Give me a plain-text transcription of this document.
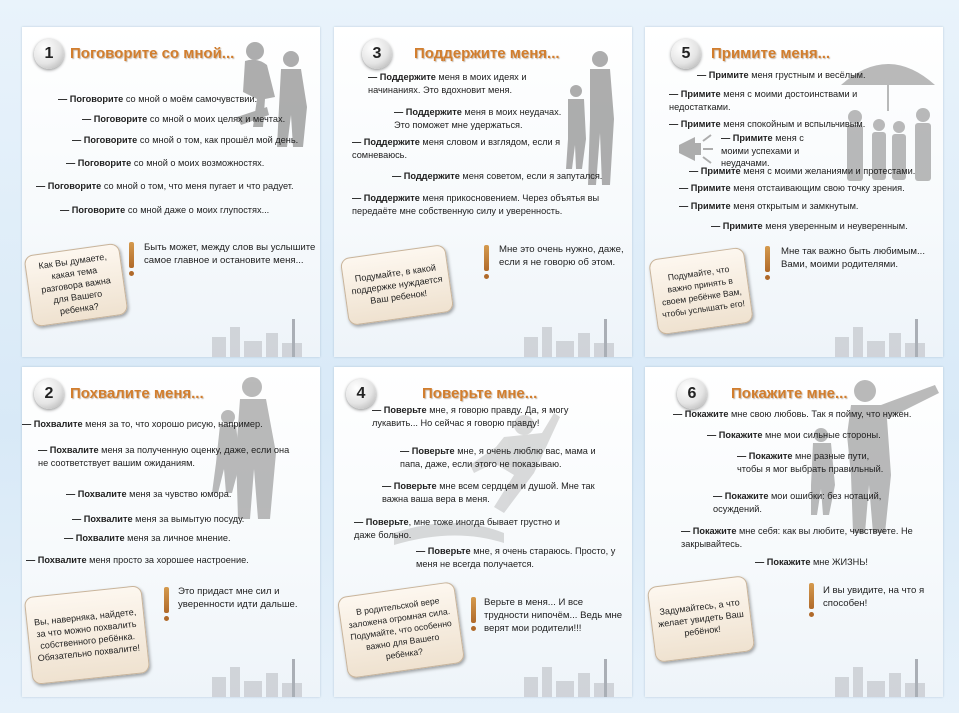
1	Поговорите со мной...
— Поговорите со мной о моём самочувствии.
— Поговорите со мной о моих целях и мечтах.
— Поговорите со мной о том, как прошёл мой день.
— Поговорите со мной о моих возможностях.
— Поговорите со мной о том, что меня пугает и что радует.
— Поговорите со мной даже о моих глупостях...
Как Вы думаете, какая тема разговора важна для Вашего ребенка?
Быть может, между слов вы услышите самое главное и остановите меня...
3	Поддержите меня...
— Поддержите меня в моих идеях и начинаниях. Это вдохновит меня.
— Поддержите меня в моих неудачах. Это поможет мне удержаться.
— Поддержите меня словом и взглядом, если я сомневаюсь.
— Поддержите меня советом, если я запутался.
— Поддержите меня прикосновением. Через объятья вы передаёте мне собственную силу и уверенность.
Подумайте, в какой поддержке нуждается Ваш ребенок!
Мне это очень нужно, даже, если я не говорю об этом.
5	Примите меня...
— Примите меня грустным и весёлым.
— Примите меня с моими достоинствами и недостатками.
— Примите меня спокойным и вспыльчивым.
— Примите меня с моими успехами и неудачами.
— Примите меня с моими желаниями и протестами.
— Примите меня отстаивающим свою точку зрения.
— Примите меня открытым и замкнутым.
— Примите меня уверенным и неуверенным.
Подумайте, что важно принять в своем ребёнке Вам, чтобы услышать его!
Мне так важно быть любимым... Вами, моими родителями.
2	Похвалите меня...
— Похвалите меня за то, что хорошо рисую, например.
— Похвалите меня за полученную оценку, даже, если она не соответствует вашим ожиданиям.
— Похвалите меня за чувство юмора.
— Похвалите меня за вымытую посуду.
— Похвалите меня за личное мнение.
— Похвалите меня просто за хорошее настроение.
Вы, наверняка, найдете, за что можно похвалить собственного ребёнка. Обязательно похвалите!
Это придаст мне сил и уверенности идти дальше.
4	Поверьте мне...
— Поверьте мне, я говорю правду. Да, я могу лукавить... Но сейчас я говорю правду!
— Поверьте мне, я очень люблю вас, мама и папа, даже, если этого не показываю.
— Поверьте мне всем сердцем и душой. Мне так важна ваша вера в меня.
— Поверьте, мне тоже иногда бывает грустно и даже больно.
— Поверьте мне, я очень стараюсь. Просто, у меня не всегда получается.
В родительской вере заложена огромная сила. Подумайте, что особенно важно для Вашего ребёнка?
Верьте в меня... И все трудности нипочём... Ведь мне верят мои родители!!!
6	Покажите мне...
— Покажите мне свою любовь. Так я пойму, что нужен.
— Покажите мне мои сильные стороны.
— Покажите мне разные пути, чтобы я мог выбрать правильный.
— Покажите мои ошибки: без нотаций, осуждений.
— Покажите мне себя: как вы любите, чувствуете. Не закрывайтесь.
— Покажите мне ЖИЗНЬ!
Задумайтесь, а что желает увидеть Ваш ребёнок!
И вы увидите, на что я способен!
